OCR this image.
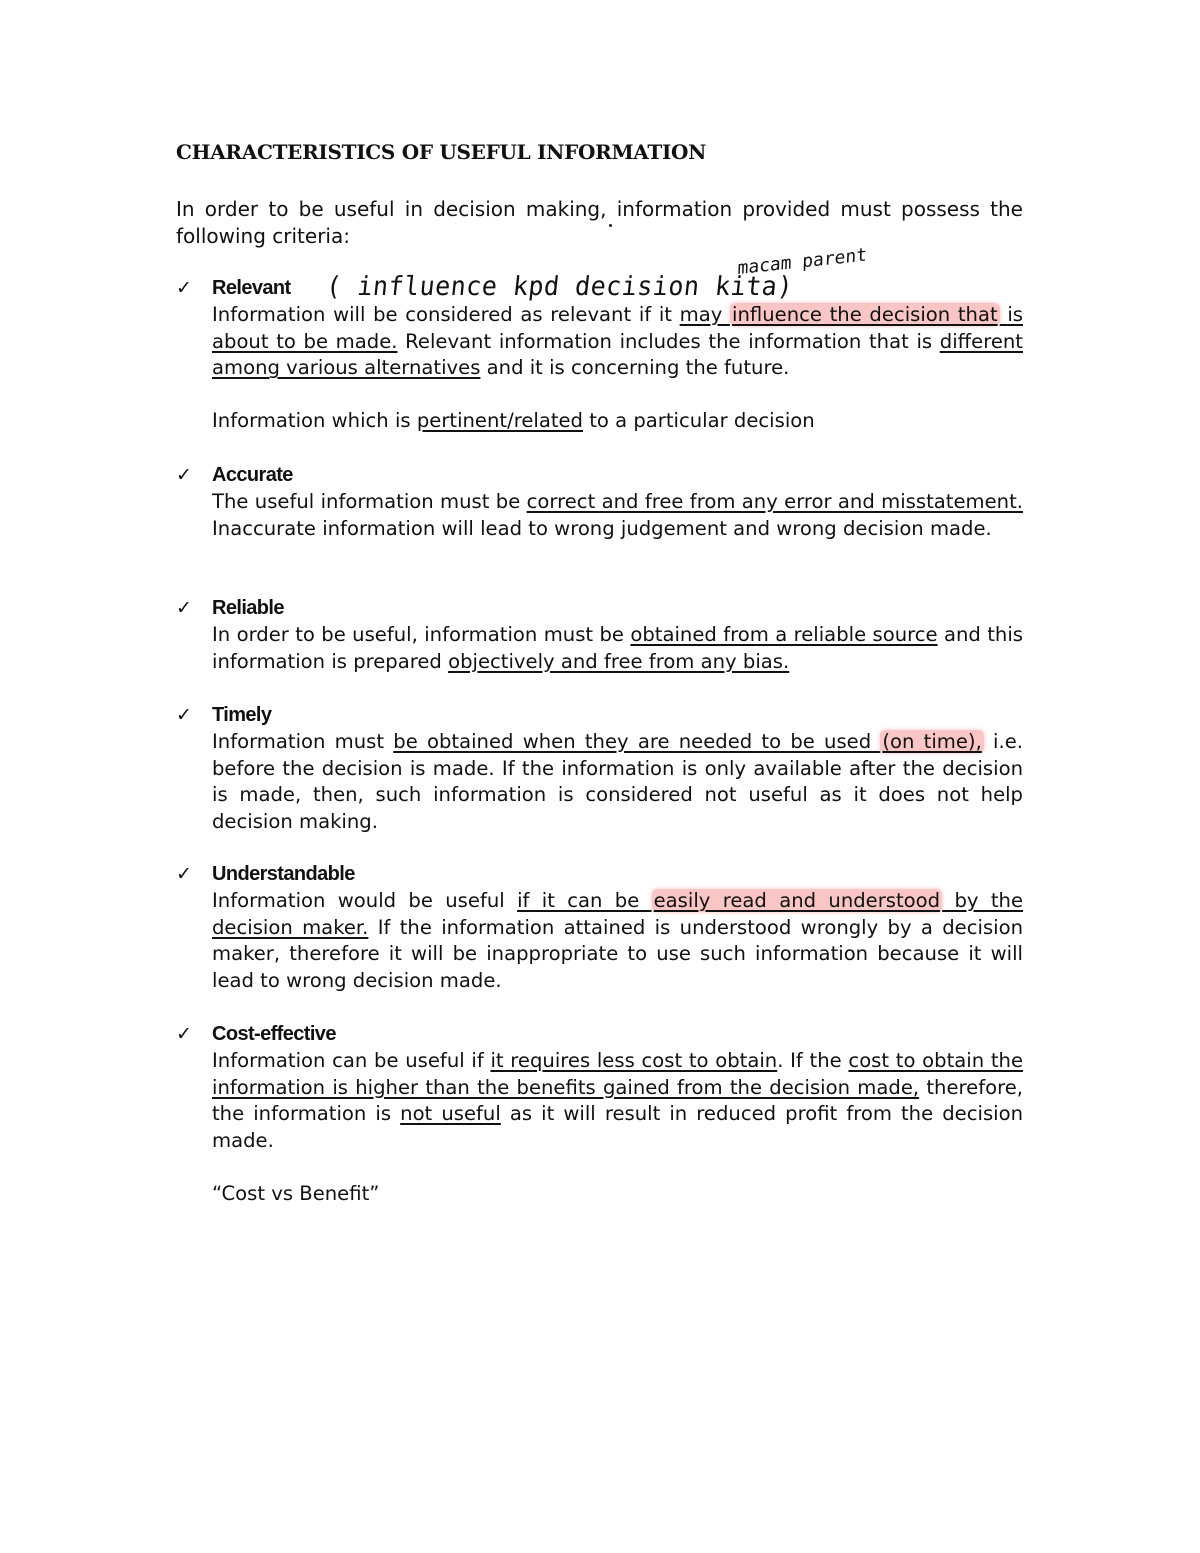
CHARACTERISTICS OF USEFUL INFORMATION

In order to be useful in decision making, information provided must possess the following criteria:

( influence kpd decision kita)
macam parent
✓ Relevant

Information will be considered as relevant if it may influence the decision that is about to be made. Relevant information includes the information that is different among various alternatives and it is concerning the future.

Information which is pertinent/related to a particular decision

✓ Accurate

The useful information must be correct and free from any error and misstatement. Inaccurate information will lead to wrong judgement and wrong decision made.

✓ Reliable

In order to be useful, information must be obtained from a reliable source and this information is prepared objectively and free from any bias.

✓ Timely

Information must be obtained when they are needed to be used (on time), i.e. before the decision is made. If the information is only available after the decision is made, then, such information is considered not useful as it does not help decision making.

✓ Understandable

Information would be useful if it can be easily read and understood by the decision maker. If the information attained is understood wrongly by a decision maker, therefore it will be inappropriate to use such information because it will lead to wrong decision made.

✓ Cost-effective

Information can be useful if it requires less cost to obtain. If the cost to obtain the information is higher than the benefits gained from the decision made, therefore, the information is not useful as it will result in reduced profit from the decision made.

“Cost vs Benefit”
